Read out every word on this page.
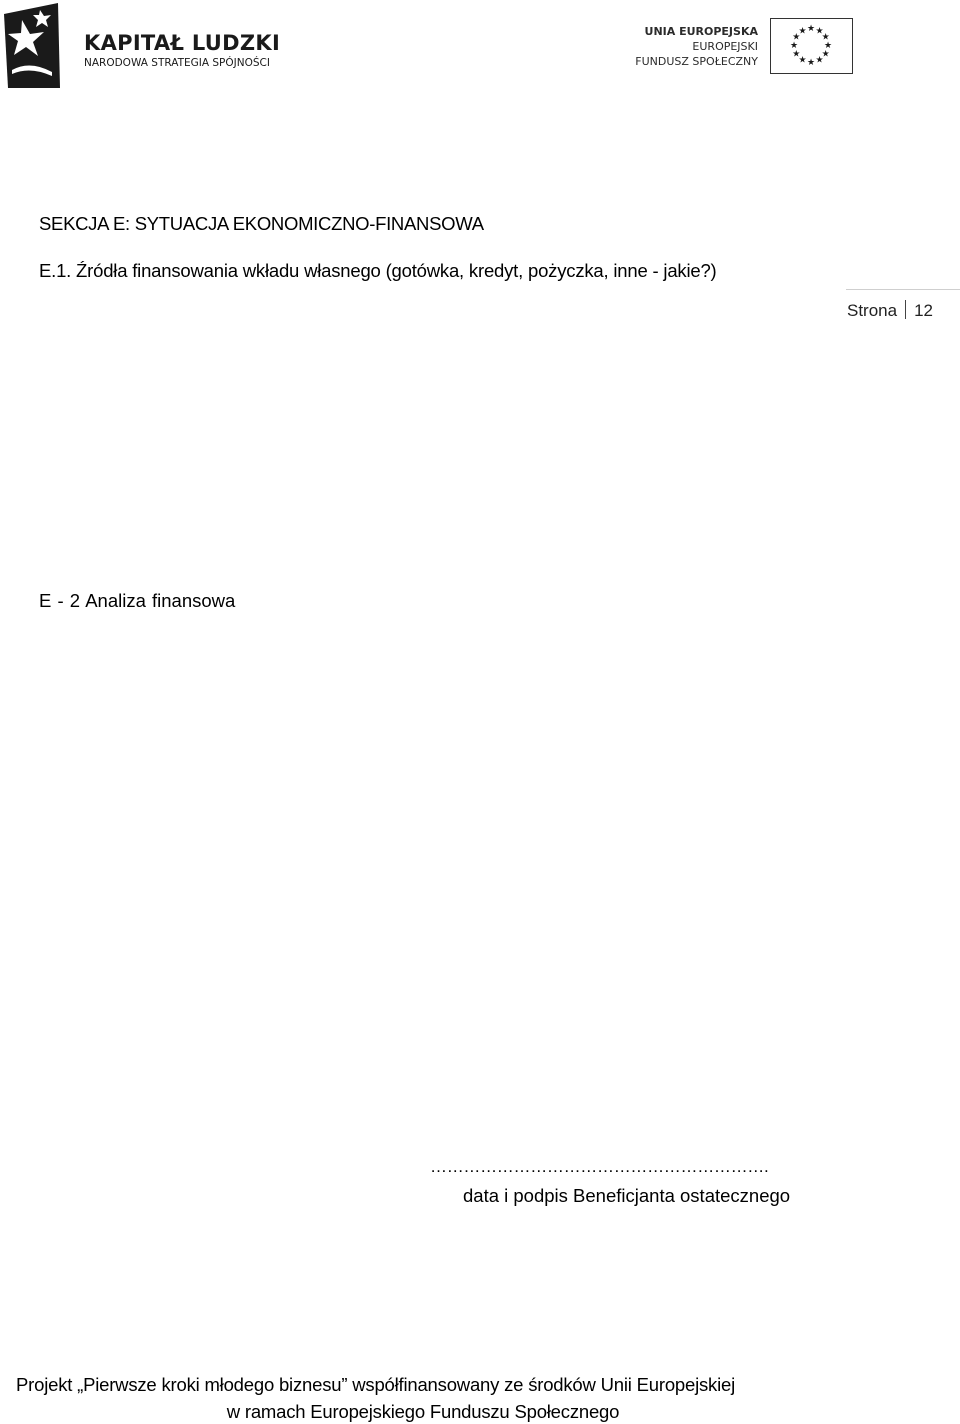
KAPITAŁ LUDZKI
NARODOWA STRATEGIA SPÓJNOŚCI
UNIA EUROPEJSKA
EUROPEJSKI
FUNDUSZ SPOŁECZNY
★ ★
★
★
★
★
★
★
★
★
★
★
SEKCJA E: SYTUACJA EKONOMICZNO-FINANSOWA
E.1. Źródła finansowania wkładu własnego (gotówka, kredyt, pożyczka, inne - jakie?)
Strona 12
E - 2 Analiza finansowa
…………………………………………………….
data i podpis Beneficjanta ostatecznego
Projekt „Pierwsze kroki młodego biznesu” współfinansowany ze środków Unii Europejskiej
w ramach Europejskiego Funduszu Społecznego
